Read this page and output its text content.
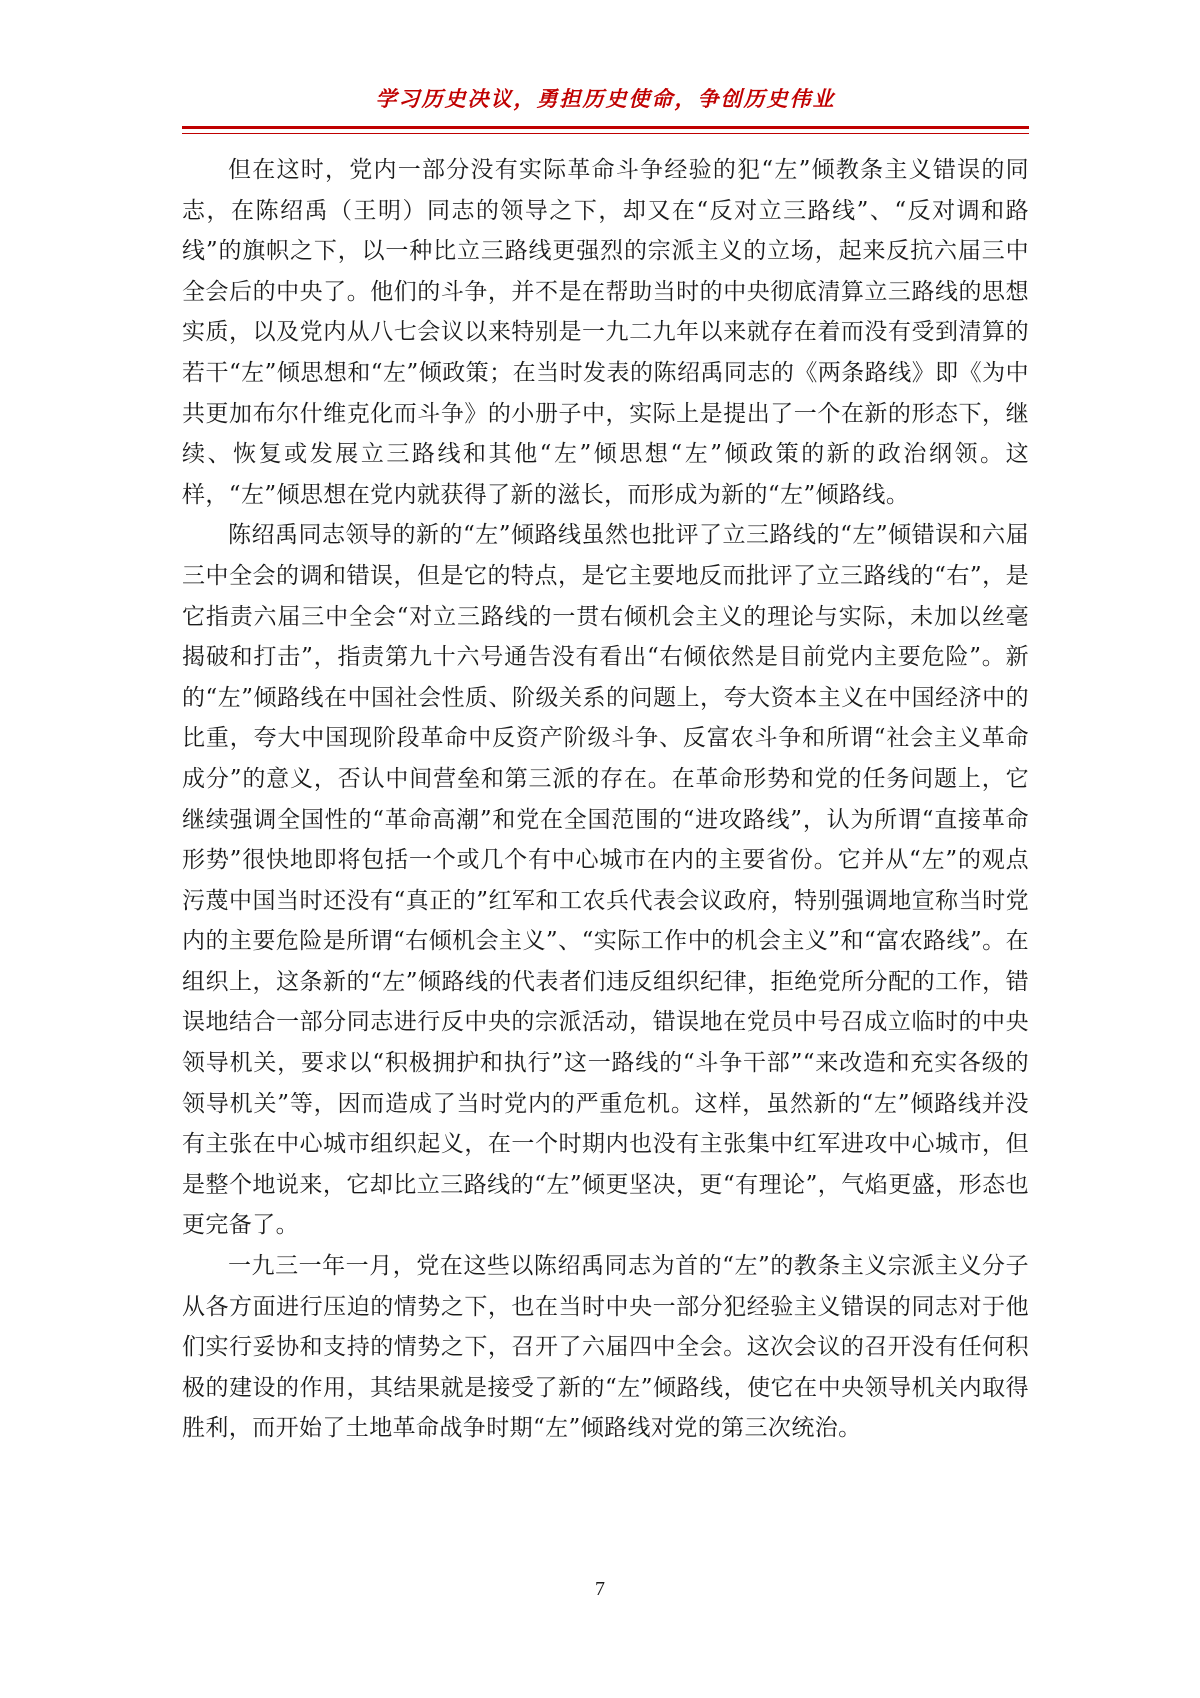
学习历史决议，勇担历史使命，争创历史伟业

但在这时，党内一部分没有实际革命斗争经验的犯“左”倾教条主义错误的同志，在陈绍禹（王明）同志的领导之下，却又在“反对立三路线”、“反对调和路线”的旗帜之下，以一种比立三路线更强烈的宗派主义的立场，起来反抗六届三中全会后的中央了。他们的斗争，并不是在帮助当时的中央彻底清算立三路线的思想实质，以及党内从八七会议以来特别是一九二九年以来就存在着而没有受到清算的若干“左”倾思想和“左”倾政策；在当时发表的陈绍禹同志的《两条路线》即《为中共更加布尔什维克化而斗争》的小册子中，实际上是提出了一个在新的形态下，继续、恢复或发展立三路线和其他“左”倾思想“左”倾政策的新的政治纲领。这样，“左”倾思想在党内就获得了新的滋长，而形成为新的“左”倾路线。

陈绍禹同志领导的新的“左”倾路线虽然也批评了立三路线的“左”倾错误和六届三中全会的调和错误，但是它的特点，是它主要地反而批评了立三路线的“右”，是它指责六届三中全会“对立三路线的一贯右倾机会主义的理论与实际，未加以丝毫揭破和打击”，指责第九十六号通告没有看出“右倾依然是目前党内主要危险”。新的“左”倾路线在中国社会性质、阶级关系的问题上，夸大资本主义在中国经济中的比重，夸大中国现阶段革命中反资产阶级斗争、反富农斗争和所谓“社会主义革命成分”的意义，否认中间营垒和第三派的存在。在革命形势和党的任务问题上，它继续强调全国性的“革命高潮”和党在全国范围的“进攻路线”，认为所谓“直接革命形势”很快地即将包括一个或几个有中心城市在内的主要省份。它并从“左”的观点污蔑中国当时还没有“真正的”红军和工农兵代表会议政府，特别强调地宣称当时党内的主要危险是所谓“右倾机会主义”、“实际工作中的机会主义”和“富农路线”。在组织上，这条新的“左”倾路线的代表者们违反组织纪律，拒绝党所分配的工作，错误地结合一部分同志进行反中央的宗派活动，错误地在党员中号召成立临时的中央领导机关，要求以“积极拥护和执行”这一路线的“斗争干部”“来改造和充实各级的领导机关”等，因而造成了当时党内的严重危机。这样，虽然新的“左”倾路线并没有主张在中心城市组织起义，在一个时期内也没有主张集中红军进攻中心城市，但是整个地说来，它却比立三路线的“左”倾更坚决，更“有理论”，气焰更盛，形态也更完备了。

一九三一年一月，党在这些以陈绍禹同志为首的“左”的教条主义宗派主义分子从各方面进行压迫的情势之下，也在当时中央一部分犯经验主义错误的同志对于他们实行妥协和支持的情势之下，召开了六届四中全会。这次会议的召开没有任何积极的建设的作用，其结果就是接受了新的“左”倾路线，使它在中央领导机关内取得胜利，而开始了土地革命战争时期“左”倾路线对党的第三次统治。

7
